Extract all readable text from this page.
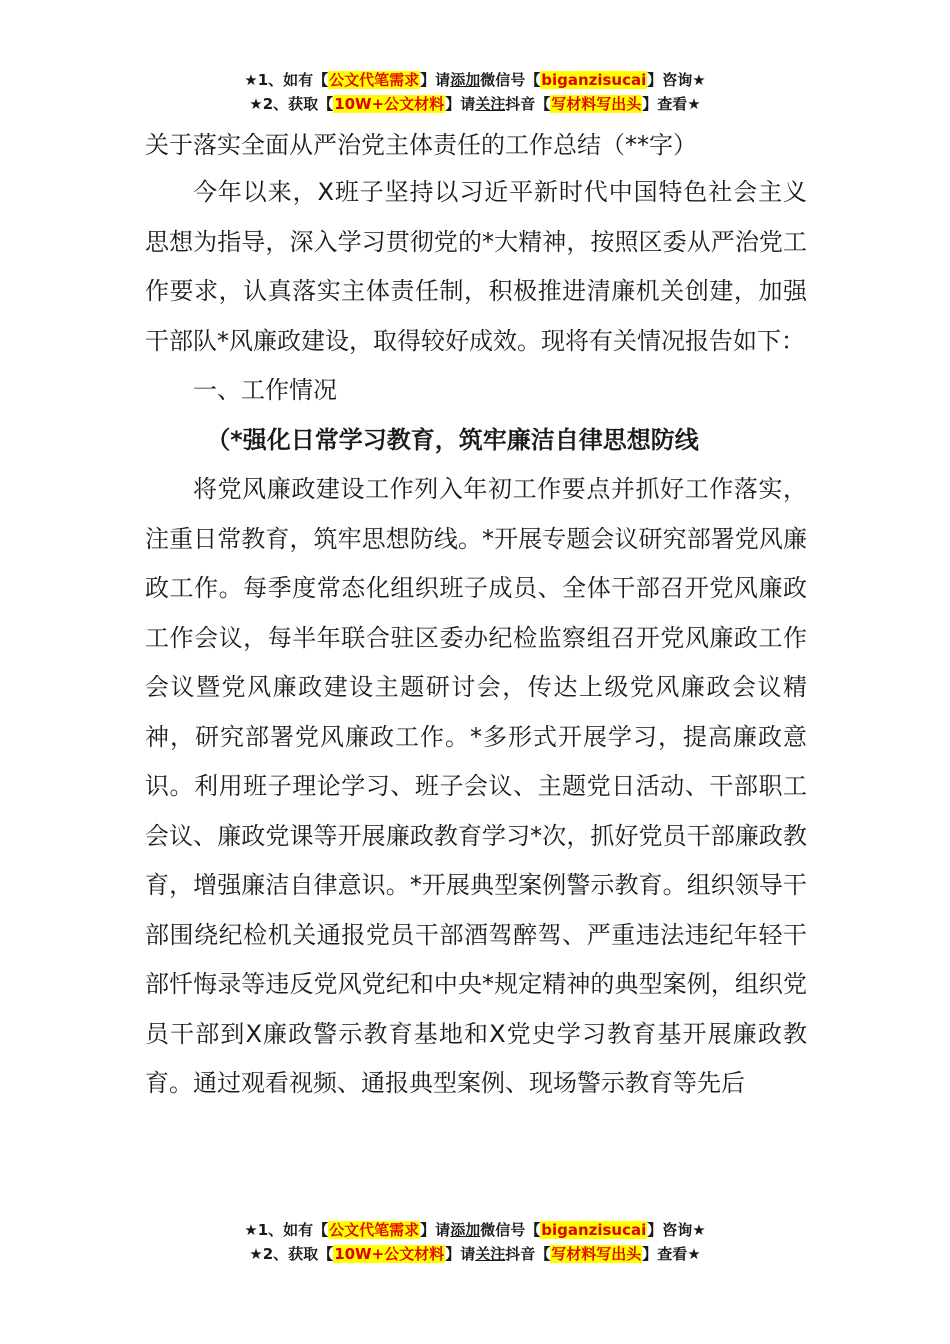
★1、如有【公文代笔需求】请添加微信号【biganzisucai】咨询★
★2、获取【10W+公文材料】请关注抖音【写材料写出头】查看★

关于落实全面从严治党主体责任的工作总结（**字）

今年以来，X班子坚持以习近平新时代中国特色社会主义思想为指导，深入学习贯彻党的*大精神，按照区委从严治党工作要求，认真落实主体责任制，积极推进清廉机关创建，加强干部队*风廉政建设，取得较好成效。现将有关情况报告如下：

一、工作情况

（*强化日常学习教育，筑牢廉洁自律思想防线

将党风廉政建设工作列入年初工作要点并抓好工作落实，注重日常教育，筑牢思想防线。*开展专题会议研究部署党风廉政工作。每季度常态化组织班子成员、全体干部召开党风廉政工作会议，每半年联合驻区委办纪检监察组召开党风廉政工作会议暨党风廉政建设主题研讨会，传达上级党风廉政会议精神，研究部署党风廉政工作。*多形式开展学习，提高廉政意识。利用班子理论学习、班子会议、主题党日活动、干部职工会议、廉政党课等开展廉政教育学习*次，抓好党员干部廉政教育，增强廉洁自律意识。*开展典型案例警示教育。组织领导干部围绕纪检机关通报党员干部酒驾醉驾、严重违法违纪年轻干部忏悔录等违反党风党纪和中央*规定精神的典型案例，组织党员干部到X廉政警示教育基地和X党史学习教育基开展廉政教育。通过观看视频、通报典型案例、现场警示教育等先后

★1、如有【公文代笔需求】请添加微信号【biganzisucai】咨询★
★2、获取【10W+公文材料】请关注抖音【写材料写出头】查看★
